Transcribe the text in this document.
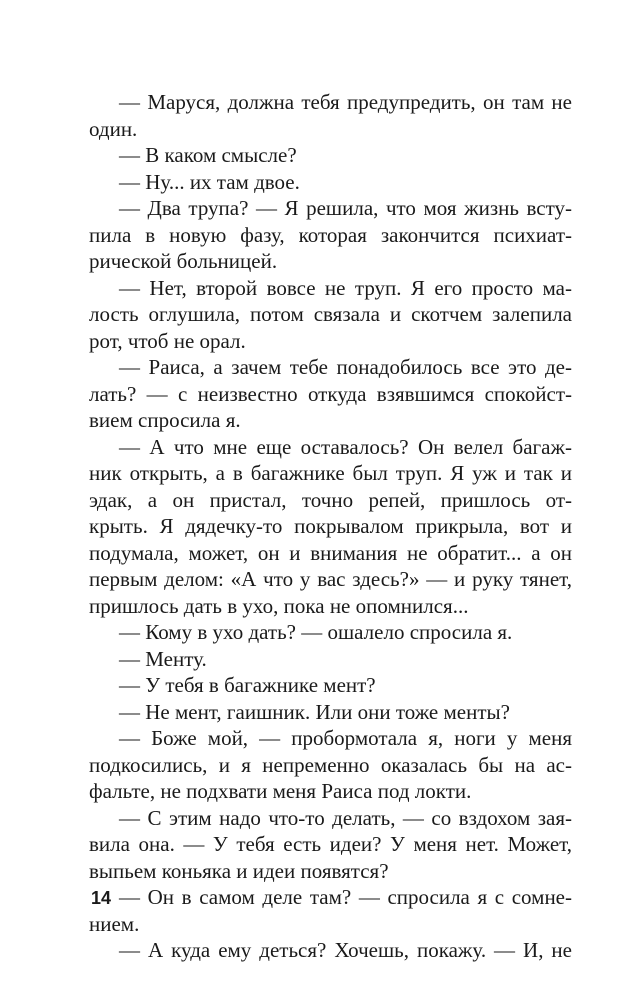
— Маруся, должна тебя предупредить, он там не
один.
— В каком смысле?
— Ну... их там двое.
— Два трупа? — Я решила, что моя жизнь всту-
пила в новую фазу, которая закончится психиат-
рической больницей.
— Нет, второй вовсе не труп. Я его просто ма-
лость оглушила, потом связала и скотчем залепила
рот, чтоб не орал.
— Раиса, а зачем тебе понадобилось все это де-
лать? — с неизвестно откуда взявшимся спокойст-
вием спросила я.
— А что мне еще оставалось? Он велел багаж-
ник открыть, а в багажнике был труп. Я уж и так и
эдак, а он пристал, точно репей, пришлось от-
крыть. Я дядечку-то покрывалом прикрыла, вот и
подумала, может, он и внимания не обратит... а он
первым делом: «А что у вас здесь?» — и руку тянет,
пришлось дать в ухо, пока не опомнился...
— Кому в ухо дать? — ошалело спросила я.
— Менту.
— У тебя в багажнике мент?
— Не мент, гаишник. Или они тоже менты?
— Боже мой, — пробормотала я, ноги у меня
подкосились, и я непременно оказалась бы на ас-
фальте, не подхвати меня Раиса под локти.
— С этим надо что-то делать, — со вздохом зая-
вила она. — У тебя есть идеи? У меня нет. Может,
выпьем коньяка и идеи появятся?
— Он в самом деле там? — спросила я с сомне-
нием.
— А куда ему деться? Хочешь, покажу. — И, не
14
